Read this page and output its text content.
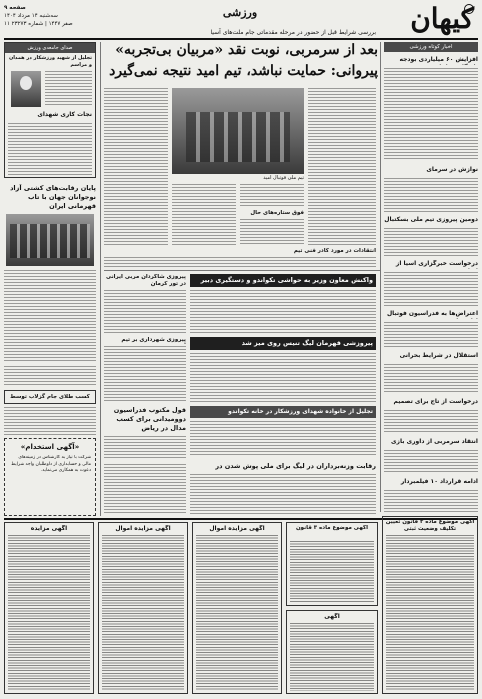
صفحه ۹
سه‌شنبه ۱۴ مرداد ۱۴۰۴
۱۱ صفر ۱۴۴۷ | شماره ۲۳۲۷۳
ورزشی	کیهان
اخبار کوتاه ورزشی
افزایش ۶۰ میلیاردی بودجه
نوازش در سرمای
دومین پیروزی تیم ملی بسکتبال
درخواست خبرگزاری آسیا از
اعتراض‌ها به فدراسیون فوتبال
استقلال در شرایط بحرانی
درخواست از تاج برای تصمیم
انتقاد سرمربی از داوری بازی
ادامه قرارداد ۱۰ فیلمبردار
بررسی شرایط قبل از حضور در مرحله مقدماتی جام ملت‌های آسیا
بعد از سرمربی، نوبت نقد «مربیان بی‌تجربه»
پیروانی: حمایت نباشد، تیم امید نتیجه نمی‌گیرد
تیم ملی فوتبال امید
فوق ستاره‌های حال
انتقادات در مورد کادر فنی تیم
صدای جامعه‌ی ورزش
تجلیل از شهید ورزشکار در همدان و مراسم
نجات کاری شهدای
پایان رقابت‌های کشتی آزاد نوجوانان جهان با تاب قهرمانی ایران
واکنش معاون وزیر به حواشی تکواندو و دستگیری دبیر
پیروزی شاگردان مربی ایرانی در تور کرمان
پیروزشی قهرمان لیگ تنیس روی میز شد
پیروزی شهرداری بر تیم
تجلیل از خانواده شهدای ورزشکار در خانه تکواندو
رقابت وزنه‌برداران در لیگ برای ملی پوش شدن در
قول مکتوب فدراسیون دوومیدانی برای کسب مدال در ریاض
کسب طلای جام گزلاب توسط
«آگهی استخدام»
شرکت با نیاز به کارشناس در زمینه‌های مالی و حسابداری از داوطلبان واجد شرایط دعوت به همکاری می‌نماید.
آگهی مزایده	آگهی مزایده اموال	آگهی مزایده اموال	آگهی موضوع ماده ۳ قانون
آگهی
آگهی موضوع ماده ۳ قانون تعیین تکلیف وضعیت ثبتی
